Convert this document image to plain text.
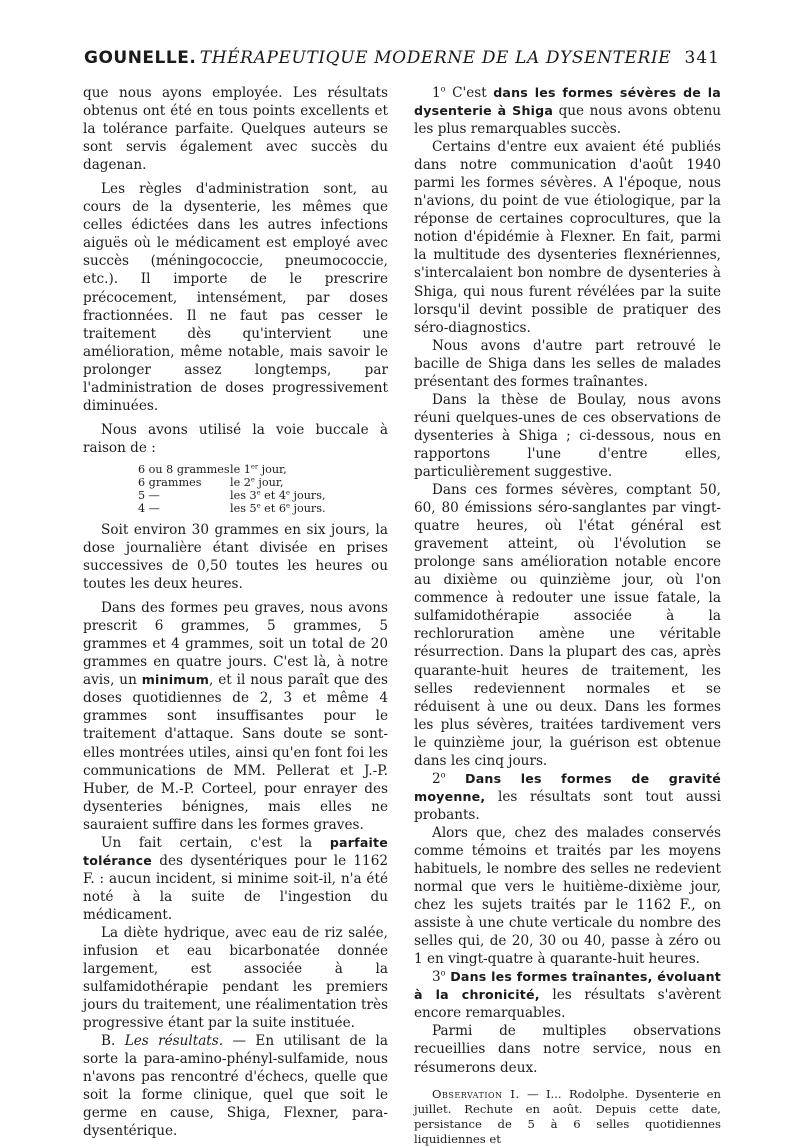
GOUNELLE . THÉRAPEUTIQUE MODERNE DE LA DYSENTERIE 341

que nous ayons employée. Les résultats obtenus ont été en tous points excellents et la tolérance parfaite. Quelques auteurs se sont servis également avec succès du dagenan.

Les règles d'administration sont, au cours de la dysenterie, les mêmes que celles édictées dans les autres infections aiguës où le médicament est employé avec succès (méningococcie, pneumococcie, etc.). Il importe de le prescrire précocement, intensément, par doses fractionnées. Il ne faut pas cesser le traitement dès qu'intervient une amélioration, même notable, mais savoir le prolonger assez longtemps, par l'administration de doses progressivement diminuées.

Nous avons utilisé la voie buccale à raison de :

6 ou 8 grammes	le 1er jour,
6 grammes	le 2e jour,
5 —	les 3e et 4e jours,
4 —	les 5e et 6e jours.

Soit environ 30 grammes en six jours, la dose journalière étant divisée en prises successives de 0,50 toutes les heures ou toutes les deux heures.

Dans des formes peu graves, nous avons prescrit 6 grammes, 5 grammes, 5 grammes et 4 grammes, soit un total de 20 grammes en quatre jours. C'est là, à notre avis, un minimum, et il nous paraît que des doses quotidiennes de 2, 3 et même 4 grammes sont insuffisantes pour le traitement d'attaque. Sans doute se sont-elles montrées utiles, ainsi qu'en font foi les communications de MM. Pellerat et J.-P. Huber, de M.-P. Corteel, pour enrayer des dysenteries bénignes, mais elles ne sauraient suffire dans les formes graves.

Un fait certain, c'est la parfaite tolérance des dysentériques pour le 1162 F. : aucun incident, si minime soit-il, n'a été noté à la suite de l'ingestion du médicament.

La diète hydrique, avec eau de riz salée, infusion et eau bicarbonatée donnée largement, est associée à la sulfamidothérapie pendant les premiers jours du traitement, une réalimentation très progressive étant par la suite instituée.

B. Les résultats. — En utilisant de la sorte la para-amino-phényl-sulfamide, nous n'avons pas rencontré d'échecs, quelle que soit la forme clinique, quel que soit le germe en cause, Shiga, Flexner, para-dysentérique.

1$^o$ C'est dans les formes sévères de la dysenterie à Shiga que nous avons obtenu les plus remarquables succès.

Certains d'entre eux avaient été publiés dans notre communication d'août 1940 parmi les formes sévères. A l'époque, nous n'avions, du point de vue étiologique, par la réponse de certaines coprocultures, que la notion d'épidémie à Flexner. En fait, parmi la multitude des dysenteries flexnériennes, s'intercalaient bon nombre de dysenteries à Shiga, qui nous furent révélées par la suite lorsqu'il devint possible de pratiquer des séro-diagnostics.

Nous avons d'autre part retrouvé le bacille de Shiga dans les selles de malades présentant des formes traînantes.

Dans la thèse de Boulay, nous avons réuni quelques-unes de ces observations de dysenteries à Shiga ; ci-dessous, nous en rapportons l'une d'entre elles, particulièrement suggestive.

Dans ces formes sévères, comptant 50, 60, 80 émissions séro-sanglantes par vingt-quatre heures, où l'état général est gravement atteint, où l'évolution se prolonge sans amélioration notable encore au dixième ou quinzième jour, où l'on commence à redouter une issue fatale, la sulfamidothérapie associée à la rechloruration amène une véritable résurrection. Dans la plupart des cas, après quarante-huit heures de traitement, les selles redeviennent normales et se réduisent à une ou deux. Dans les formes les plus sévères, traitées tardivement vers le quinzième jour, la guérison est obtenue dans les cinq jours.

2$^o$ Dans les formes de gravité moyenne, les résultats sont tout aussi probants.

Alors que, chez des malades conservés comme témoins et traités par les moyens habituels, le nombre des selles ne redevient normal que vers le huitième-dixième jour, chez les sujets traités par le 1162 F., on assiste à une chute verticale du nombre des selles qui, de 20, 30 ou 40, passe à zéro ou 1 en vingt-quatre à quarante-huit heures.

3$^o$ Dans les formes traînantes, évoluant à la chronicité, les résultats s'avèrent encore remarquables.

Parmi de multiples observations recueillies dans notre service, nous en résumerons deux.

Observation I. — I... Rodolphe. Dysenterie en juillet. Rechute en août. Depuis cette date, persistance de 5 à 6 selles quotidiennes liquidiennes et
